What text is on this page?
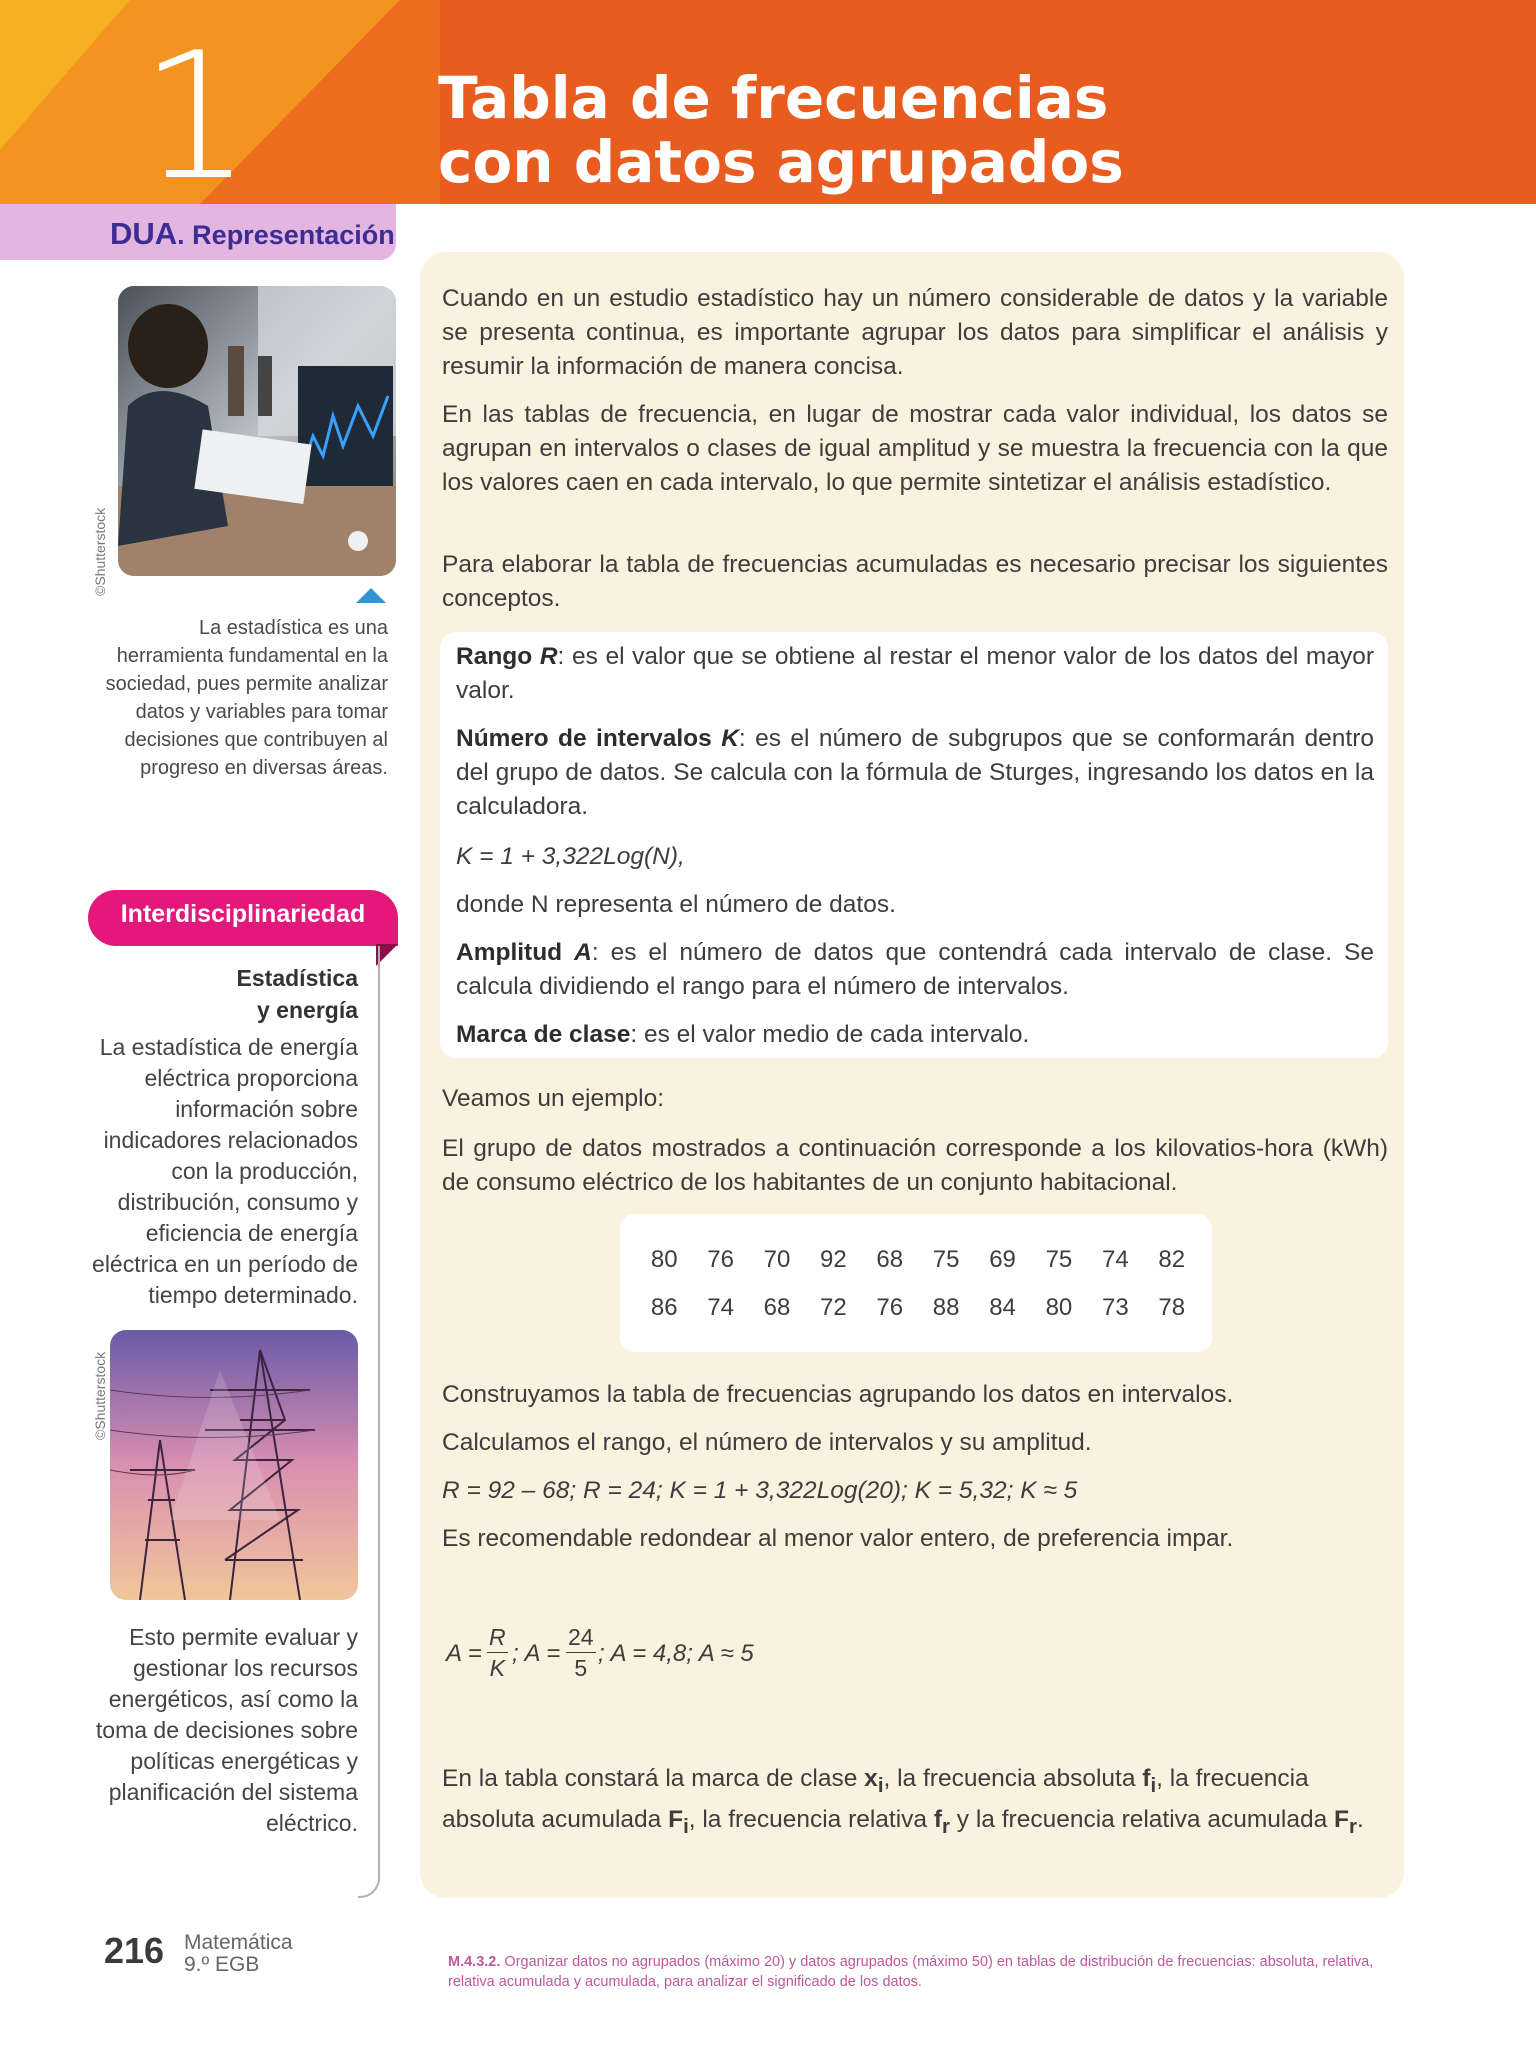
1	Tabla de frecuencias
con datos agrupados
DUA. Representación
©Shutterstock
La estadística es una herramienta fundamental en la sociedad, pues permite analizar datos y variables para tomar decisiones que contribuyen al progreso en diversas áreas.
Interdisciplinariedad
Estadística
y energía
La estadística de energía eléctrica proporciona información sobre indicadores relacionados con la producción, distribución, consumo y eficiencia de energía eléctrica en un período de tiempo determinado.
©Shutterstock
Esto permite evaluar y gestionar los recursos energéticos, así como la toma de decisiones sobre políticas energéticas y planificación del sistema eléctrico.
Cuando en un estudio estadístico hay un número considerable de datos y la variable se presenta continua, es importante agrupar los datos para simplificar el análisis y resumir la información de manera concisa.
En las tablas de frecuencia, en lugar de mostrar cada valor individual, los datos se agrupan en intervalos o clases de igual amplitud y se muestra la frecuencia con la que los valores caen en cada intervalo, lo que permite sintetizar el análisis estadístico.
Para elaborar la tabla de frecuencias acumuladas es necesario precisar los siguientes conceptos.
Rango R: es el valor que se obtiene al restar el menor valor de los datos del mayor valor.
Número de intervalos K: es el número de subgrupos que se conformarán dentro del grupo de datos. Se calcula con la fórmula de Sturges, ingresando los datos en la calculadora.
K = 1 + 3,322Log(N),
donde N representa el número de datos.
Amplitud A: es el número de datos que contendrá cada intervalo de clase. Se calcula dividiendo el rango para el número de intervalos.
Marca de clase: es el valor medio de cada intervalo.
Veamos un ejemplo:
El grupo de datos mostrados a continuación corresponde a los kilovatios-hora (kWh) de consumo eléctrico de los habitantes de un conjunto habitacional.
80	76	70	92	68	75	69	75	74	82
86	74	68	72	76	88	84	80	73	78
Construyamos la tabla de frecuencias agrupando los datos en intervalos.
Calculamos el rango, el número de intervalos y su amplitud.
R = 92 – 68; R = 24; K = 1 + 3,322Log(20); K = 5,32; K ≈ 5
Es recomendable redondear al menor valor entero, de preferencia impar.
$A = \frac{R}{K}$ ; $A = \frac{24}{5}$ ; A = 4,8; A ≈ 5
En la tabla constará la marca de clase $x_i$, la frecuencia absoluta $f_i$, la frecuencia absoluta acumulada $F_i$, la frecuencia relativa $f_r$ y la frecuencia relativa acumulada $F_r$.
216 Matemática
9.º EGB	M.4.3.2. Organizar datos no agrupados (máximo 20) y datos agrupados (máximo 50) en tablas de distribución de frecuencias: absoluta, relativa, relativa acumulada y acumulada, para analizar el significado de los datos.
